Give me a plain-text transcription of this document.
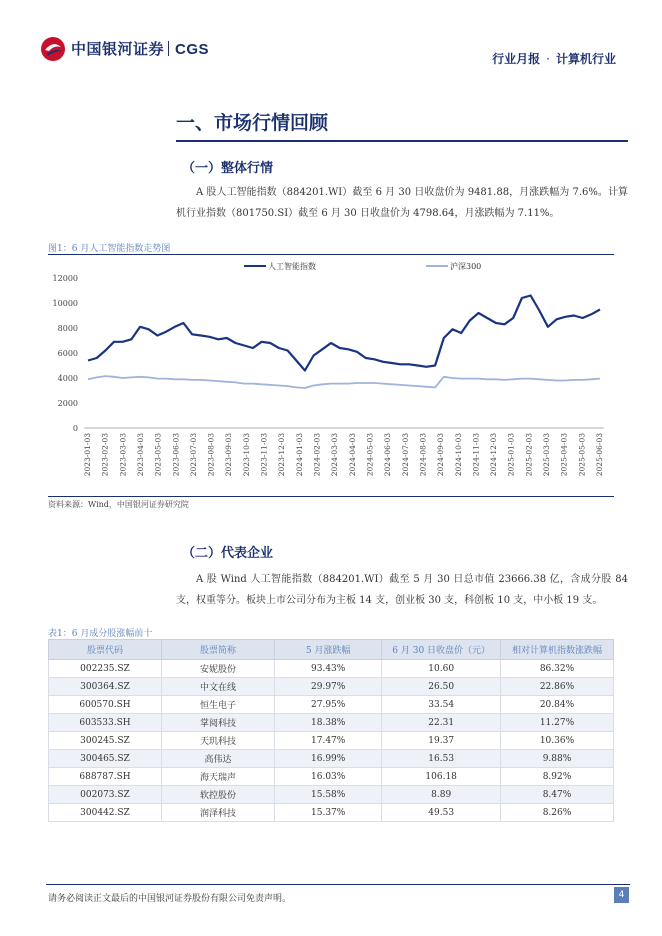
中国银河证券 CGS
行业月报 · 计算机行业
一、市场行情回顾
（一）整体行情
A 股人工智能指数（884201.WI）截至 6 月 30 日收盘价为 9481.88，月涨跌幅为 7.6%。计算机行业指数（801750.SI）截至 6 月 30 日收盘价为 4798.64，月涨跌幅为 7.11%。
图1：6 月人工智能指数走势图
人工智能指数	沪深300
0
2000
4000
6000
8000
10000
12000
2023-01-03 2023-02-03 2023-03-03 2023-04-03 2023-05-03 2023-06-03 2023-07-03 2023-08-03 2023-09-03 2023-10-03 2023-11-03 2023-12-03 2024-01-03 2024-02-03 2024-03-03 2024-04-03 2024-05-03 2024-06-03 2024-07-03 2024-08-03 2024-09-03 2024-10-03 2024-11-03 2024-12-03 2025-01-03 2025-02-03 2025-03-03 2025-04-03 2025-05-03 2025-06-03
资料来源：Wind，中国银河证券研究院
（二）代表企业
A 股 Wind 人工智能指数（884201.WI）截至 5 月 30 日总市值 23666.38 亿，含成分股 84 支，权重等分。板块上市公司分布为主板 14 支，创业板 30 支，科创板 10 支，中小板 19 支。
表1：6 月成分股涨幅前十
股票代码	股票简称	5 月涨跌幅	6 月 30 日收盘价（元）	相对计算机指数涨跌幅
002235.SZ	安妮股份	93.43%	10.60	86.32%
300364.SZ	中文在线	29.97%	26.50	22.86%
600570.SH	恒生电子	27.95%	33.54	20.84%
603533.SH	掌阅科技	18.38%	22.31	11.27%
300245.SZ	天玑科技	17.47%	19.37	10.36%
300465.SZ	高伟达	16.99%	16.53	9.88%
688787.SH	海天瑞声	16.03%	106.18	8.92%
002073.SZ	软控股份	15.58%	8.89	8.47%
300442.SZ	润泽科技	15.37%	49.53	8.26%
请务必阅读正文最后的中国银河证券股份有限公司免责声明。	4
